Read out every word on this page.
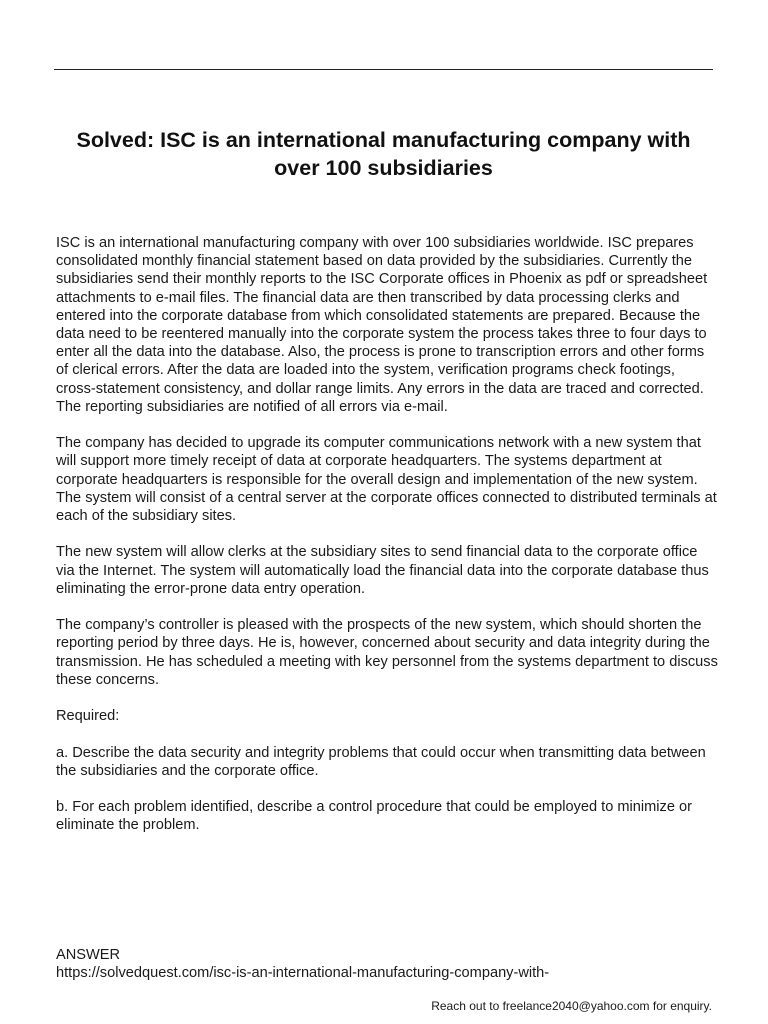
Solved: ISC is an international manufacturing company with over 100 subsidiaries

ISC is an international manufacturing company with over 100 subsidiaries worldwide. ISC prepares consolidated monthly financial statement based on data provided by the subsidiaries. Currently the subsidiaries send their monthly reports to the ISC Corporate offices in Phoenix as pdf or spreadsheet attachments to e-mail files. The financial data are then transcribed by data processing clerks and entered into the corporate database from which consolidated statements are prepared. Because the data need to be reentered manually into the corporate system the process takes three to four days to enter all the data into the database. Also, the process is prone to transcription errors and other forms of clerical errors. After the data are loaded into the system, verification programs check footings, cross-statement consistency, and dollar range limits. Any errors in the data are traced and corrected. The reporting subsidiaries are notified of all errors via e-mail.

The company has decided to upgrade its computer communications network with a new system that will support more timely receipt of data at corporate headquarters. The systems department at corporate headquarters is responsible for the overall design and implementation of the new system. The system will consist of a central server at the corporate offices connected to distributed terminals at each of the subsidiary sites.

The new system will allow clerks at the subsidiary sites to send financial data to the corporate office via the Internet. The system will automatically load the financial data into the corporate database thus eliminating the error-prone data entry operation.

The company’s controller is pleased with the prospects of the new system, which should shorten the reporting period by three days. He is, however, concerned about security and data integrity during the transmission. He has scheduled a meeting with key personnel from the systems department to discuss these concerns.

Required:

a. Describe the data security and integrity problems that could occur when transmitting data between the subsidiaries and the corporate office.

b. For each problem identified, describe a control procedure that could be employed to minimize or eliminate the problem.

ANSWER
https://solvedquest.com/isc-is-an-international-manufacturing-company-with-
Reach out to freelance2040@yahoo.com for enquiry.
